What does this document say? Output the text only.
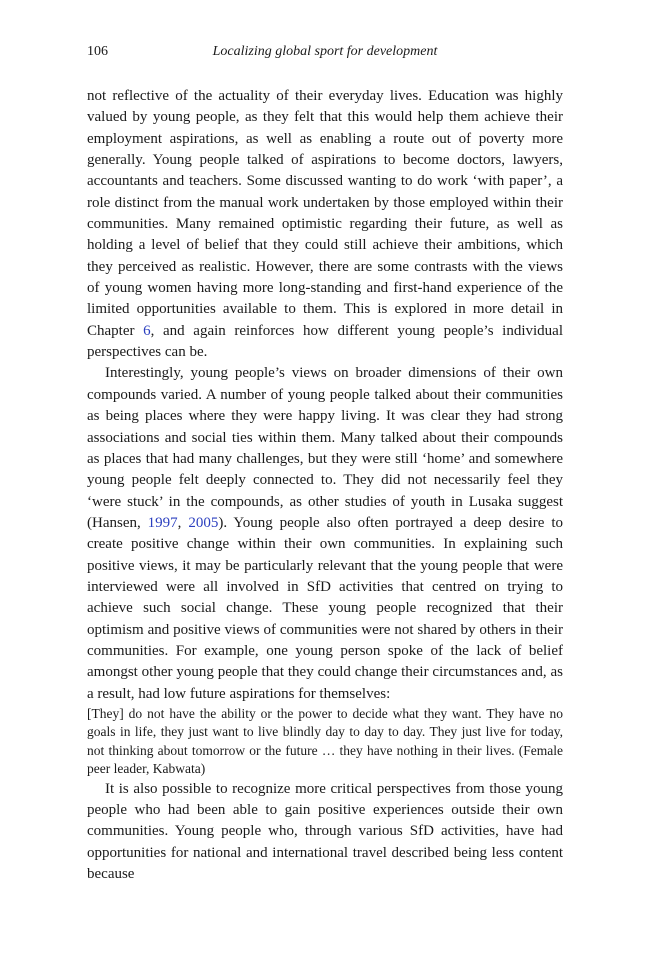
106	Localizing global sport for development

not reflective of the actuality of their everyday lives. Education was highly valued by young people, as they felt that this would help them achieve their employment aspirations, as well as enabling a route out of poverty more generally. Young people talked of aspirations to become doctors, lawyers, accountants and teachers. Some discussed wanting to do work ‘with paper’, a role distinct from the manual work undertaken by those employed within their communities. Many remained optimistic regarding their future, as well as holding a level of belief that they could still achieve their ambitions, which they perceived as realistic. However, there are some contrasts with the views of young women having more long-standing and first-hand experience of the limited opportunities available to them. This is explored in more detail in Chapter 6, and again reinforces how different young people’s individual perspectives can be.

Interestingly, young people’s views on broader dimensions of their own compounds varied. A number of young people talked about their communities as being places where they were happy living. It was clear they had strong associations and social ties within them. Many talked about their compounds as places that had many challenges, but they were still ‘home’ and somewhere young people felt deeply connected to. They did not necessarily feel they ‘were stuck’ in the compounds, as other studies of youth in Lusaka suggest (Hansen, 1997, 2005). Young people also often portrayed a deep desire to create positive change within their own communities. In explaining such positive views, it may be particularly relevant that the young people that were interviewed were all involved in SfD activities that centred on trying to achieve such social change. These young people recognized that their optimism and positive views of communities were not shared by others in their communities. For example, one young person spoke of the lack of belief amongst other young people that they could change their circumstances and, as a result, had low future aspirations for themselves:

[They] do not have the ability or the power to decide what they want. They have no goals in life, they just want to live blindly day to day to day. They just live for today, not thinking about tomorrow or the future … they have nothing in their lives. (Female peer leader, Kabwata)

It is also possible to recognize more critical perspectives from those young people who had been able to gain positive experiences outside their own communities. Young people who, through various SfD activities, have had opportunities for national and international travel described being less content because
